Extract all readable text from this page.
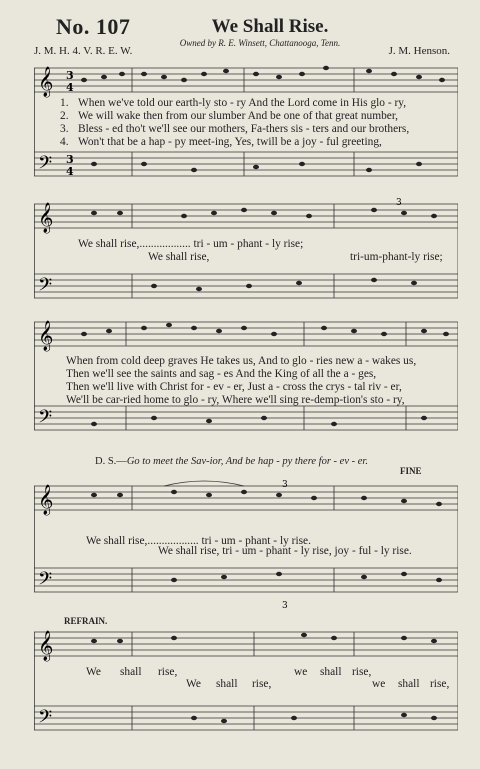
No. 107	We Shall Rise.
Owned by R. E. Winsett, Chattanooga, Tenn.
J. M. H. 4. V. R. E. W.	J. M. Henson.
𝄞
𝄢
3
4
3
4
1. When we've told our earth-ly sto - ry And the Lord come in His glo - ry,
2. We will wake then from our slumber And be one of that great number,
3. Bless - ed tho't we'll see our mothers, Fa-thers sis - ters and our brothers,
4. Won't that be a hap - py meet-ing, Yes, twill be a joy - ful greeting,
𝄞
𝄢
3
We shall rise,.................. tri - um - phant - ly rise;
We shall rise,	tri-um-phant-ly rise;
𝄞
𝄢
When from cold deep graves He takes us, And to glo - ries new a - wakes us,
Then we'll see the saints and sag - es And the King of all the a - ges,
Then we'll live with Christ for - ev - er, Just a - cross the crys - tal riv - er,
We'll be car-ried home to glo - ry, Where we'll sing re-demp-tion's sto - ry,
D. S.—Go to meet the Sav-ior, And be hap - py there for - ev - er.
FINE
𝄞
𝄢
3
3
We shall rise,.................. tri - um - phant - ly rise.
We shall rise, tri - um - phant - ly rise, joy - ful - ly rise.
REFRAIN.
𝄞
𝄢
We shall rise,	we shall rise,
We shall rise,	we shall rise,
